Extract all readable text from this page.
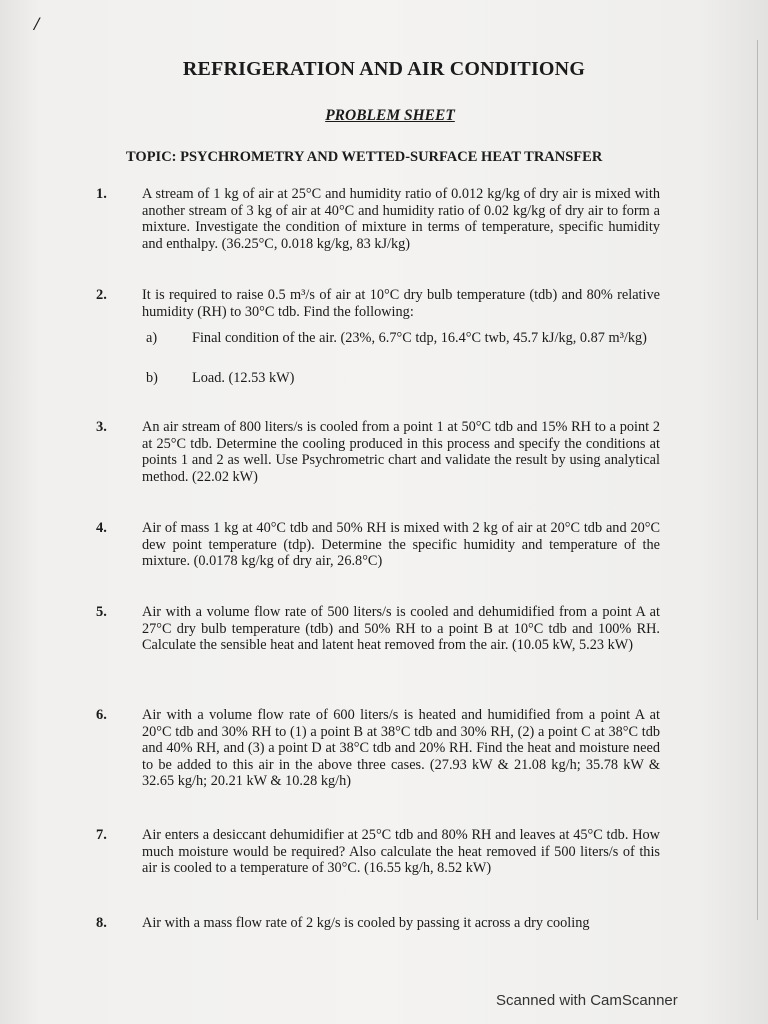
/
REFRIGERATION AND AIR CONDITIONG
PROBLEM SHEET
TOPIC: PSYCHROMETRY AND WETTED-SURFACE HEAT TRANSFER
1. A stream of 1 kg of air at 25°C and humidity ratio of 0.012 kg/kg of dry air is mixed with another stream of 3 kg of air at 40°C and humidity ratio of 0.02 kg/kg of dry air to form a mixture. Investigate the condition of mixture in terms of temperature, specific humidity and enthalpy. (36.25°C, 0.018 kg/kg, 83 kJ/kg)
2. It is required to raise 0.5 m³/s of air at 10°C dry bulb temperature (tdb) and 80% relative humidity (RH) to 30°C tdb. Find the following:
a) Final condition of the air. (23%, 6.7°C tdp, 16.4°C twb, 45.7 kJ/kg, 0.87 m³/kg)
b) Load. (12.53 kW)
3. An air stream of 800 liters/s is cooled from a point 1 at 50°C tdb and 15% RH to a point 2 at 25°C tdb. Determine the cooling produced in this process and specify the conditions at points 1 and 2 as well. Use Psychrometric chart and validate the result by using analytical method. (22.02 kW)
4. Air of mass 1 kg at 40°C tdb and 50% RH is mixed with 2 kg of air at 20°C tdb and 20°C dew point temperature (tdp). Determine the specific humidity and temperature of the mixture. (0.0178 kg/kg of dry air, 26.8°C)
5. Air with a volume flow rate of 500 liters/s is cooled and dehumidified from a point A at 27°C dry bulb temperature (tdb) and 50% RH to a point B at 10°C tdb and 100% RH. Calculate the sensible heat and latent heat removed from the air. (10.05 kW, 5.23 kW)
6. Air with a volume flow rate of 600 liters/s is heated and humidified from a point A at 20°C tdb and 30% RH to (1) a point B at 38°C tdb and 30% RH, (2) a point C at 38°C tdb and 40% RH, and (3) a point D at 38°C tdb and 20% RH. Find the heat and moisture need to be added to this air in the above three cases. (27.93 kW & 21.08 kg/h; 35.78 kW & 32.65 kg/h; 20.21 kW & 10.28 kg/h)
7. Air enters a desiccant dehumidifier at 25°C tdb and 80% RH and leaves at 45°C tdb. How much moisture would be required? Also calculate the heat removed if 500 liters/s of this air is cooled to a temperature of 30°C. (16.55 kg/h, 8.52 kW)
8. Air with a mass flow rate of 2 kg/s is cooled by passing it across a dry cooling
Scanned with CamScanner
